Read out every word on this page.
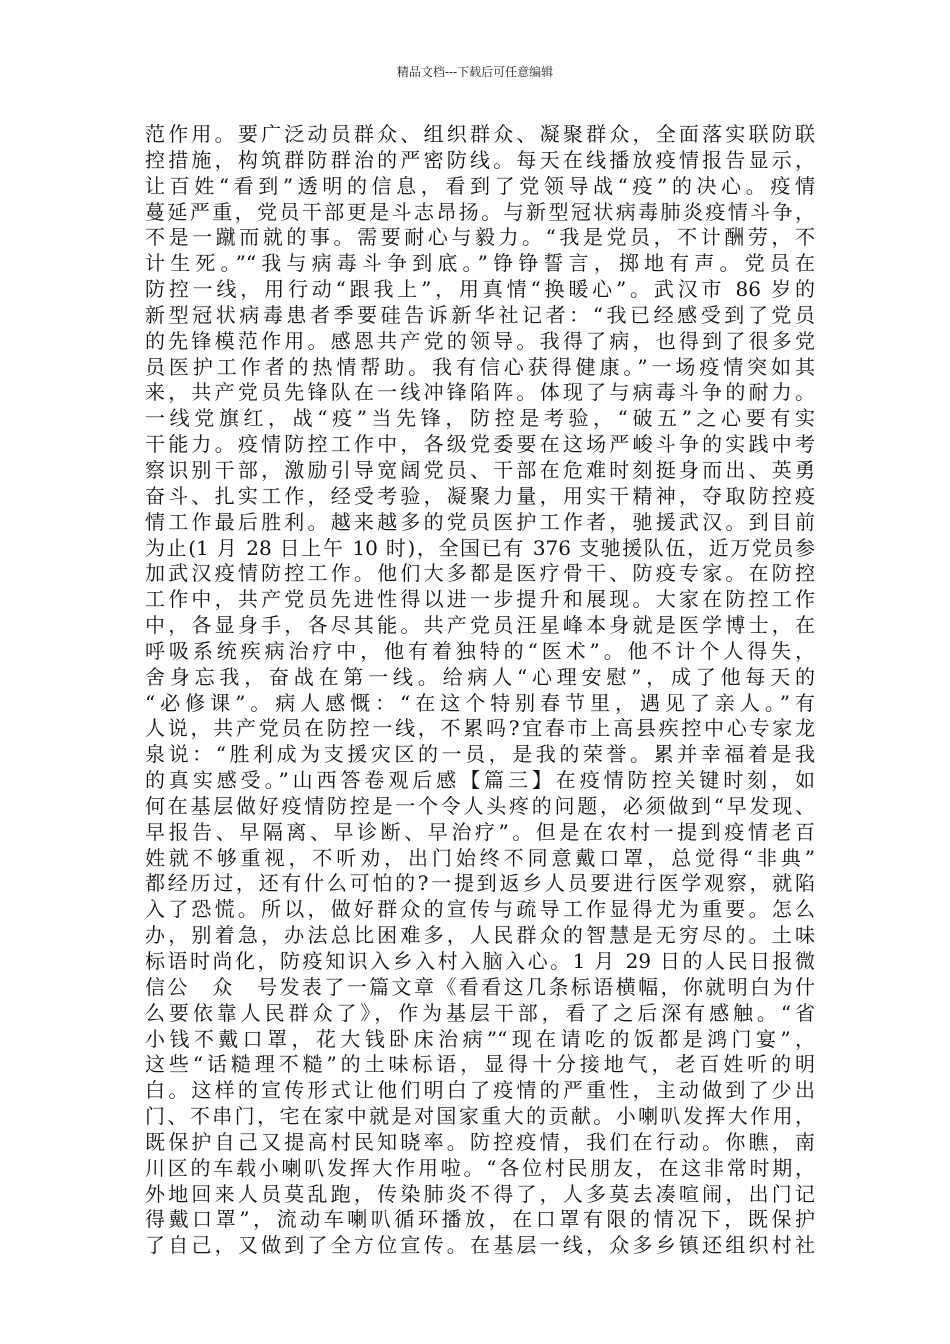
精品文档---下载后可任意编辑
范作用。要广泛动员群众、组织群众、凝聚群众，全面落实联防联
控措施，构筑群防群治的严密防线。每天在线播放疫情报告显示，
让百姓“看到”透明的信息，看到了党领导战“疫”的决心。疫情
蔓延严重，党员干部更是斗志昂扬。与新型冠状病毒肺炎疫情斗争，
不是一蹴而就的事。需要耐心与毅力。“我是党员，不计酬劳，不
计生死。”“我与病毒斗争到底。”铮铮誓言，掷地有声。党员在
防控一线，用行动“跟我上”，用真情“换暖心”。武汉市 86 岁的
新型冠状病毒患者季要硅告诉新华社记者：“我已经感受到了党员
的先锋模范作用。感恩共产党的领导。我得了病，也得到了很多党
员医护工作者的热情帮助。我有信心获得健康。”一场疫情突如其
来，共产党员先锋队在一线冲锋陷阵。体现了与病毒斗争的耐力。
一线党旗红，战“疫”当先锋，防控是考验，“破五”之心要有实
干能力。疫情防控工作中，各级党委要在这场严峻斗争的实践中考
察识别干部，激励引导宽阔党员、干部在危难时刻挺身而出、英勇
奋斗、扎实工作，经受考验，凝聚力量，用实干精神，夺取防控疫
情工作最后胜利。越来越多的党员医护工作者，驰援武汉。到目前
为止(1 月 28 日上午 10 时)，全国已有 376 支驰援队伍，近万党员参
加武汉疫情防控工作。他们大多都是医疗骨干、防疫专家。在防控
工作中，共产党员先进性得以进一步提升和展现。大家在防控工作
中，各显身手，各尽其能。共产党员汪星峰本身就是医学博士，在
呼吸系统疾病治疗中，他有着独特的“医术”。他不计个人得失，
舍身忘我，奋战在第一线。给病人“心理安慰”，成了他每天的
“必修课”。病人感慨：“在这个特别春节里，遇见了亲人。”有
人说，共产党员在防控一线，不累吗?宜春市上高县疾控中心专家龙
泉说：“胜利成为支援灾区的一员，是我的荣誉。累并幸福着是我
的真实感受。”山西答卷观后感【篇三】在疫情防控关键时刻，如
何在基层做好疫情防控是一个令人头疼的问题，必须做到“早发现、
早报告、早隔离、早诊断、早治疗”。但是在农村一提到疫情老百
姓就不够重视，不听劝，出门始终不同意戴口罩，总觉得“非典”
都经历过，还有什么可怕的?一提到返乡人员要进行医学观察，就陷
入了恐慌。所以，做好群众的宣传与疏导工作显得尤为重要。怎么
办，别着急，办法总比困难多，人民群众的智慧是无穷尽的。土味
标语时尚化，防疫知识入乡入村入脑入心。1 月 29 日的人民日报微
信公　众　号发表了一篇文章《看看这几条标语横幅，你就明白为什
么要依靠人民群众了》，作为基层干部，看了之后深有感触。“省
小钱不戴口罩，花大钱卧床治病”“现在请吃的饭都是鸿门宴”，
这些“话糙理不糙”的土味标语，显得十分接地气，老百姓听的明
白。这样的宣传形式让他们明白了疫情的严重性，主动做到了少出
门、不串门，宅在家中就是对国家重大的贡献。小喇叭发挥大作用，
既保护自己又提高村民知晓率。防控疫情，我们在行动。你瞧，南
川区的车载小喇叭发挥大作用啦。“各位村民朋友，在这非常时期，
外地回来人员莫乱跑，传染肺炎不得了，人多莫去凑喧闹，出门记
得戴口罩”，流动车喇叭循环播放，在口罩有限的情况下，既保护
了自己，又做到了全方位宣传。在基层一线，众多乡镇还组织村社
